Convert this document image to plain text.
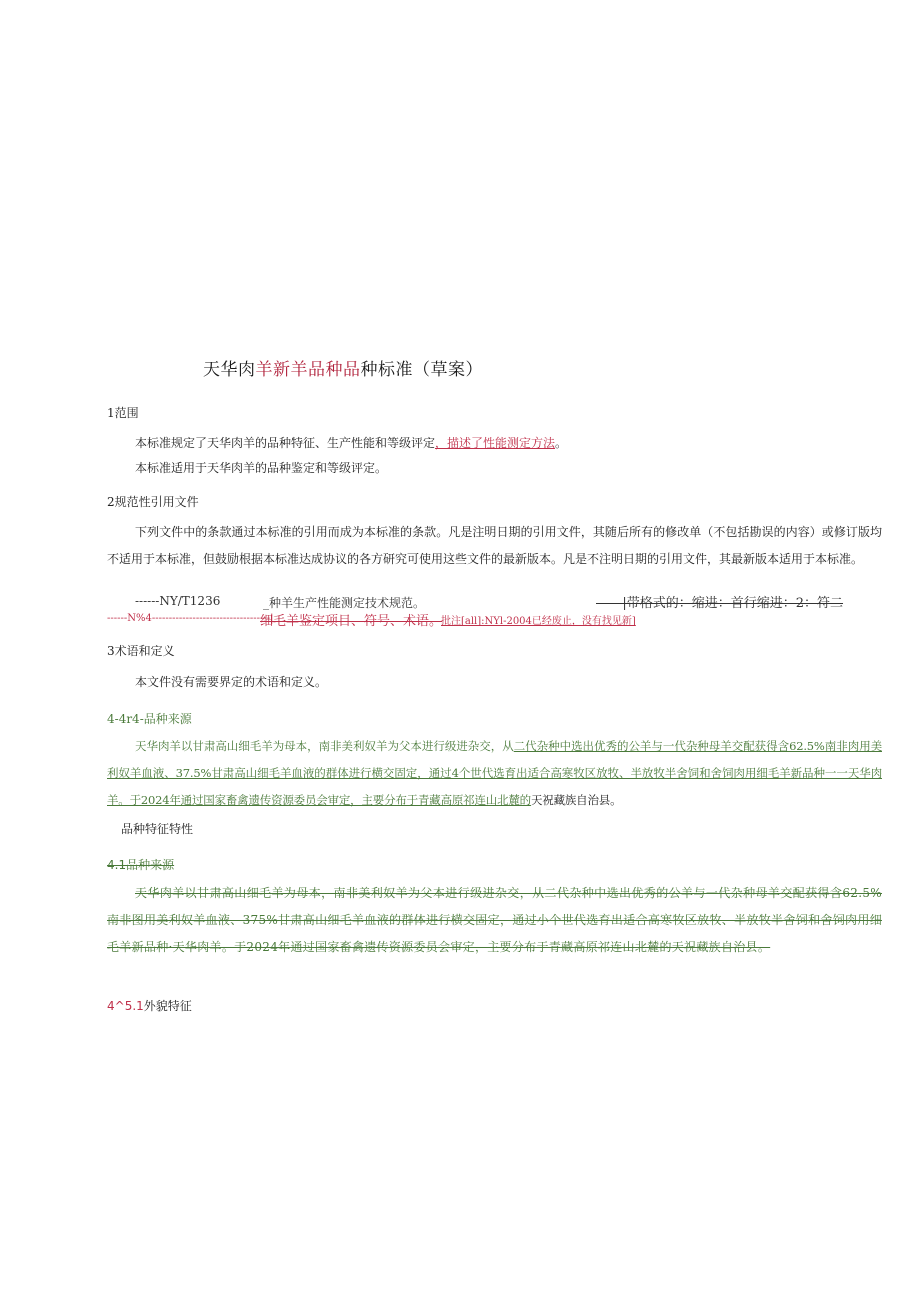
天华肉羊新羊品种品种标准（草案）
1范围
本标准规定了天华肉羊的品种特征、生产性能和等级评定，描述了性能测定方法。
本标准适用于天华肉羊的品种鉴定和等级评定。
2规范性引用文件
下列文件中的条款通过本标准的引用而成为本标准的条款。凡是注明日期的引用文件，其随后所有的修改单（不包括勘误的内容）或修订版均不适用于本标准，但鼓励根据本标准达成协议的各方研究可使用这些文件的最新版本。凡是不注明日期的引用文件，其最新版本适用于本标准。
------NY/T1236	_种羊生产性能测定技术规范。	------|带格式的：缩进：首行缩进：2：符二
------N%4-----------------------------------|
细毛羊鉴定项目、符号、术语。
批注[all]:NYl-2004已经废止，没有找见新]
3术语和定义
本文件没有需要界定的术语和定义。
4-4r4-品种来源
天华肉羊以甘肃高山细毛羊为母本，南非美利奴羊为父本进行级进杂交，从二代杂种中选出优秀的公羊与一代杂种母羊交配获得含62.5%南非肉用美利奴羊血液、37.5%甘肃高山细毛羊血液的群体进行横交固定，通过4个世代选育出适合高寒牧区放牧、半放牧半舍饲和舍饲肉用细毛羊新品种一一天华肉羊。于2024年通过国家畜禽遗传资源委员会审定，主要分布于青藏高原祁连山北麓的天祝藏族自治县。
品种特征特性
4.1品种来源
天华肉羊以甘肃高山细毛羊为母本，南非美利奴羊为父本进行级进杂交，从二代杂种中选出优秀的公羊与一代杂种母羊交配获得含62.5%南非图用美利奴羊血液、375%甘肃高山细毛羊血液的群体进行横交固定，通过小个世代选育出适合高寒牧区放牧、半放牧半舍饲和舍饲肉用细毛羊新品种·天华肉羊。于2024年通过国家畜禽遗传资源委员会审定，主要分布于青藏高原祁连山北麓的天祝藏族自治县。
4^5.1外貌特征
